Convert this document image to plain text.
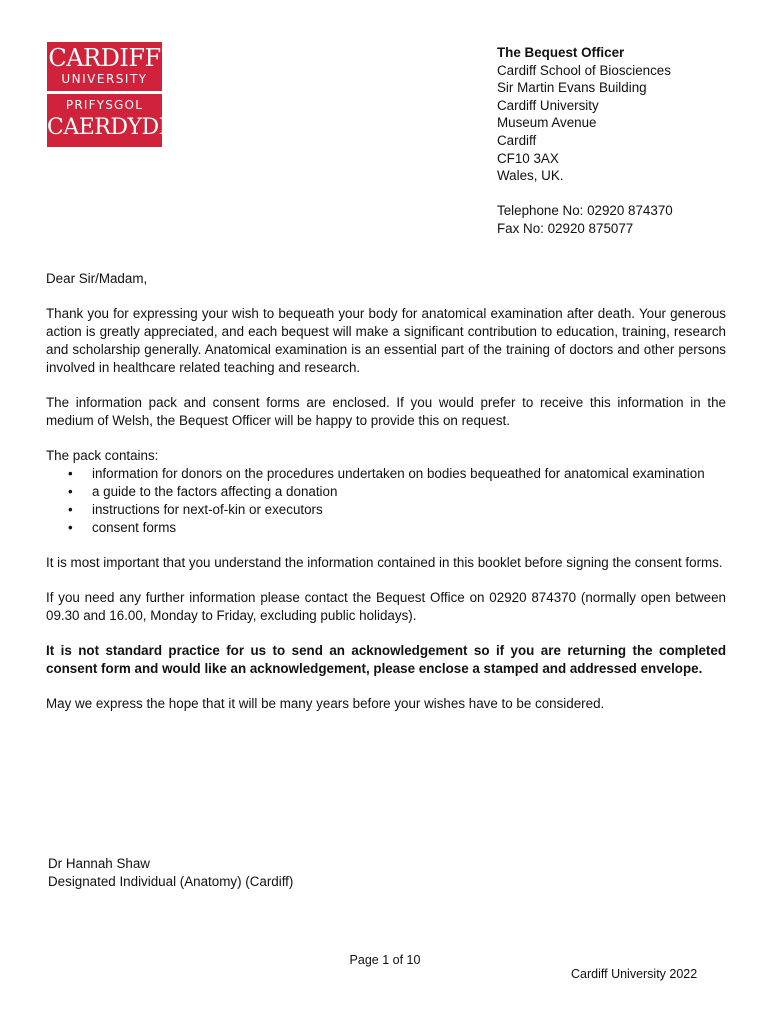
CARDIFF
UNIVERSITY
PRIFYSGOL
CAERDYDD
The Bequest Officer
Cardiff School of Biosciences
Sir Martin Evans Building
Cardiff University
Museum Avenue
Cardiff
CF10 3AX
Wales, UK.
Telephone No: 02920 874370
Fax No: 02920 875077

Dear Sir/Madam,

Thank you for expressing your wish to bequeath your body for anatomical examination after death. Your generous action is greatly appreciated, and each bequest will make a significant contribution to education, training, research and scholarship generally. Anatomical examination is an essential part of the training of doctors and other persons involved in healthcare related teaching and research.

The information pack and consent forms are enclosed. If you would prefer to receive this information in the medium of Welsh, the Bequest Officer will be happy to provide this on request.

The pack contains:

• information for donors on the procedures undertaken on bodies bequeathed for anatomical examination
• a guide to the factors affecting a donation
• instructions for next-of-kin or executors
• consent forms

It is most important that you understand the information contained in this booklet before signing the consent forms.

If you need any further information please contact the Bequest Office on 02920 874370 (normally open between 09.30 and 16.00, Monday to Friday, excluding public holidays).

It is not standard practice for us to send an acknowledgement so if you are returning the completed consent form and would like an acknowledgement, please enclose a stamped and addressed envelope.

May we express the hope that it will be many years before your wishes have to be considered.

Dr Hannah Shaw
Designated Individual (Anatomy) (Cardiff)
Page 1 of 10
Cardiff University 2022
